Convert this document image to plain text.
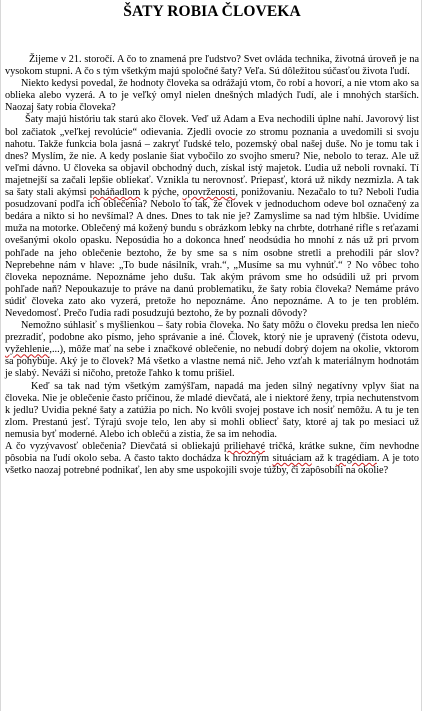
ŠATY ROBIA ČLOVEKA

Žijeme v 21. storočí. A čo to znamená pre ľudstvo? Svet ovláda technika, životná úroveň je na vysokom stupni. A čo s tým všetkým majú spoločné šaty? Veľa. Sú dôležitou súčasťou života ľudí.

Niekto kedysi povedal, že hodnoty človeka sa odrážajú vtom, čo robí a hovorí, a nie vtom ako sa oblieka alebo vyzerá. A to je veľký omyl nielen dnešných mladých ľudí, ale i mnohých starších. Naozaj šaty robia človeka?

Šaty majú históriu tak starú ako človek. Veď už Adam a Eva nechodili úplne nahí. Javorový list bol začiatok „veľkej revolúcie“ odievania. Zjedli ovocie zo stromu poznania a uvedomili si svoju nahotu. Takže funkcia bola jasná – zakryť ľudské telo, pozemský obal našej duše. No je tomu tak i dnes? Myslím, že nie. A kedy poslanie šiat vybočilo zo svojho smeru? Nie, nebolo to teraz. Ale už veľmi dávno. U človeka sa objavil obchodný duch, získal istý majetok. Ľudia už neboli rovnakí. Tí majetnejší sa začali lepšie obliekať. Vznikla tu nerovnosť. Priepasť, ktorá už nikdy nezmizla. A tak sa šaty stali akýmsi poháňadlom k pýche, opovrženosti, ponižovaniu. Nezačalo to tu? Neboli ľudia posudzovaní podľa ich oblečenia? Nebolo to tak, že človek v jednoduchom odeve bol označený za bedára a nikto si ho nevšímal? A dnes. Dnes to tak nie je? Zamyslime sa nad tým hlbšie. Uvidíme muža na motorke. Oblečený má kožený bundu s obrázkom lebky na chrbte, dotrhané rifle s reťazami ovešanými okolo opasku. Neposúdia ho a dokonca hneď neodsúdia ho mnohí z nás už pri prvom pohľade na jeho oblečenie beztoho, že by sme sa s ním osobne stretli a prehodili pár slov? Neprebehne nám v hlave: „To bude násilník, vrah.“, „Musíme sa mu vyhnúť.“ ? No vôbec toho človeka nepoznáme. Nepoznáme jeho dušu. Tak akým právom sme ho odsúdili už pri prvom pohľade naň? Nepoukazuje to práve na danú problematiku, že šaty robia človeka? Nemáme právo súdiť človeka zato ako vyzerá, pretože ho nepoznáme. Áno nepoznáme. A to je ten problém. Nevedomosť. Prečo ľudia radi posudzujú beztoho, že by poznali dôvody?

Nemožno súhlasiť s myšlienkou – šaty robia človeka. No šaty môžu o človeku predsa len niečo prezradiť, podobne ako písmo, jeho správanie a iné. Človek, ktorý nie je upravený (čistota odevu, vyžehlenie,...), môže mať na sebe i značkové oblečenie, no nebudí dobrý dojem na okolie, vktorom sa pohybuje. Aký je to človek? Má všetko a vlastne nemá nič. Jeho vzťah k materiálnym hodnotám je slabý. Neváži si ničoho, pretože ľahko k tomu prišiel.

Keď sa tak nad tým všetkým zamýšľam, napadá ma jeden silný negatívny vplyv šiat na človeka. Nie je oblečenie často príčinou, že mladé dievčatá, ale i niektoré ženy, trpia nechutenstvom k jedlu? Uvidia pekné šaty a zatúžia po nich. No kvôli svojej postave ich nosiť nemôžu. A tu je ten zlom. Prestanú jesť. Týrajú svoje telo, len aby si mohli obliecť šaty, ktoré aj tak po mesiaci už nemusia byť moderné. Alebo ich oblečú a zistia, že sa im nehodia.

A čo vyzývavosť oblečenia? Dievčatá si obliekajú priliehavé tričká, krátke sukne, čím nevhodne pôsobia na ľudí okolo seba. A často takto dochádza k hrozným situáciam až k tragédiam. A je toto všetko naozaj potrebné podnikať, len aby sme uspokojili svoje túžby, či zapôsobili na okolie?
